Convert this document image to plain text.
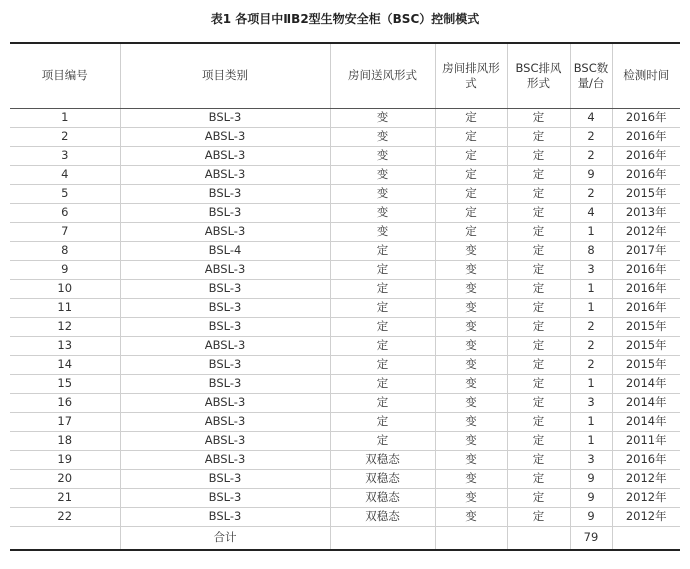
表1 各项目中ⅡB2型生物安全柜（BSC）控制模式
项目编号	项目类别	房间送风形式	房间排风形式	BSC排风形式	BSC数量/台	检测时间
1	BSL-3	变	定	定	4	2016年
2	ABSL-3	变	定	定	2	2016年
3	ABSL-3	变	定	定	2	2016年
4	ABSL-3	变	定	定	9	2016年
5	BSL-3	变	定	定	2	2015年
6	BSL-3	变	定	定	4	2013年
7	ABSL-3	变	定	定	1	2012年
8	BSL-4	定	变	定	8	2017年
9	ABSL-3	定	变	定	3	2016年
10	BSL-3	定	变	定	1	2016年
11	BSL-3	定	变	定	1	2016年
12	BSL-3	定	变	定	2	2015年
13	ABSL-3	定	变	定	2	2015年
14	BSL-3	定	变	定	2	2015年
15	BSL-3	定	变	定	1	2014年
16	ABSL-3	定	变	定	3	2014年
17	ABSL-3	定	变	定	1	2014年
18	ABSL-3	定	变	定	1	2011年
19	ABSL-3	双稳态	变	定	3	2016年
20	BSL-3	双稳态	变	定	9	2012年
21	BSL-3	双稳态	变	定	9	2012年
22	BSL-3	双稳态	变	定	9	2012年
	合计				79	
